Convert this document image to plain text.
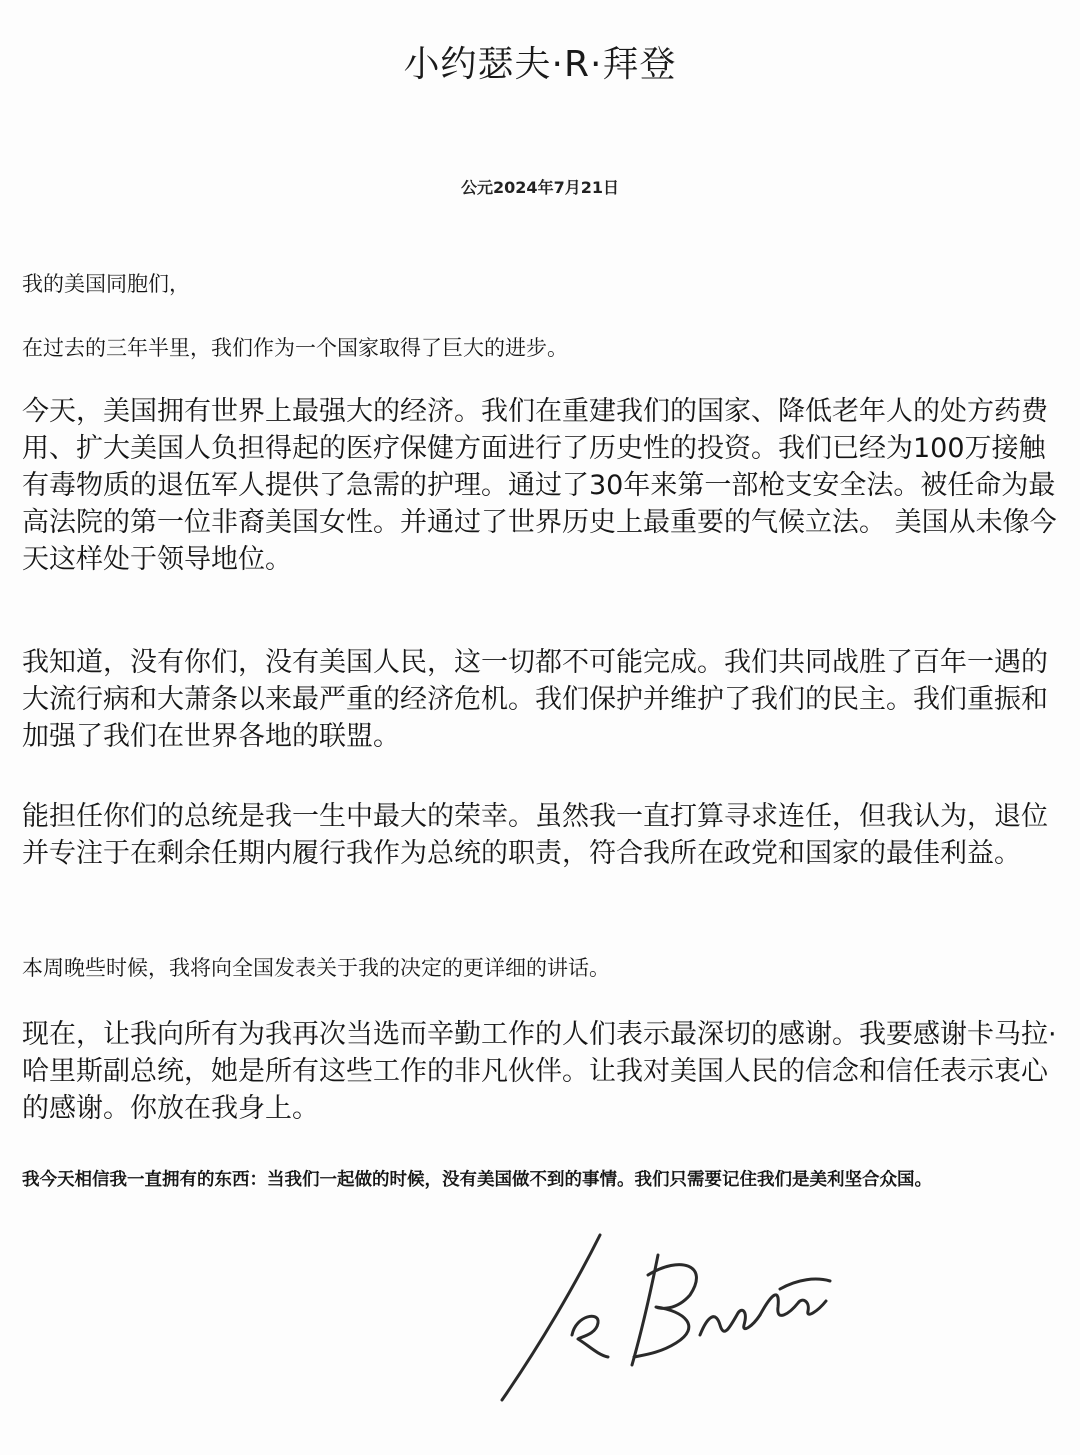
小约瑟夫·R·拜登
公元2024年7月21日

我的美国同胞们，

在过去的三年半里，我们作为一个国家取得了巨大的进步。

今天，美国拥有世界上最强大的经济。我们在重建我们的国家、降低老年人的处方药费用、扩大美国人负担得起的医疗保健方面进行了历史性的投资。我们已经为100万接触有毒物质的退伍军人提供了急需的护理。通过了30年来第一部枪支安全法。被任命为最高法院的第一位非裔美国女性。并通过了世界历史上最重要的气候立法。 美国从未像今天这样处于领导地位。

我知道，没有你们，没有美国人民，这一切都不可能完成。我们共同战胜了百年一遇的大流行病和大萧条以来最严重的经济危机。我们保护并维护了我们的民主。我们重振和加强了我们在世界各地的联盟。

能担任你们的总统是我一生中最大的荣幸。虽然我一直打算寻求连任，但我认为，退位并专注于在剩余任期内履行我作为总统的职责，符合我所在政党和国家的最佳利益。

本周晚些时候，我将向全国发表关于我的决定的更详细的讲话。

现在，让我向所有为我再次当选而辛勤工作的人们表示最深切的感谢。我要感谢卡马拉·哈里斯副总统，她是所有这些工作的非凡伙伴。让我对美国人民的信念和信任表示衷心的感谢。你放在我身上。

我今天相信我一直拥有的东西：当我们一起做的时候，没有美国做不到的事情。我们只需要记住我们是美利坚合众国。
